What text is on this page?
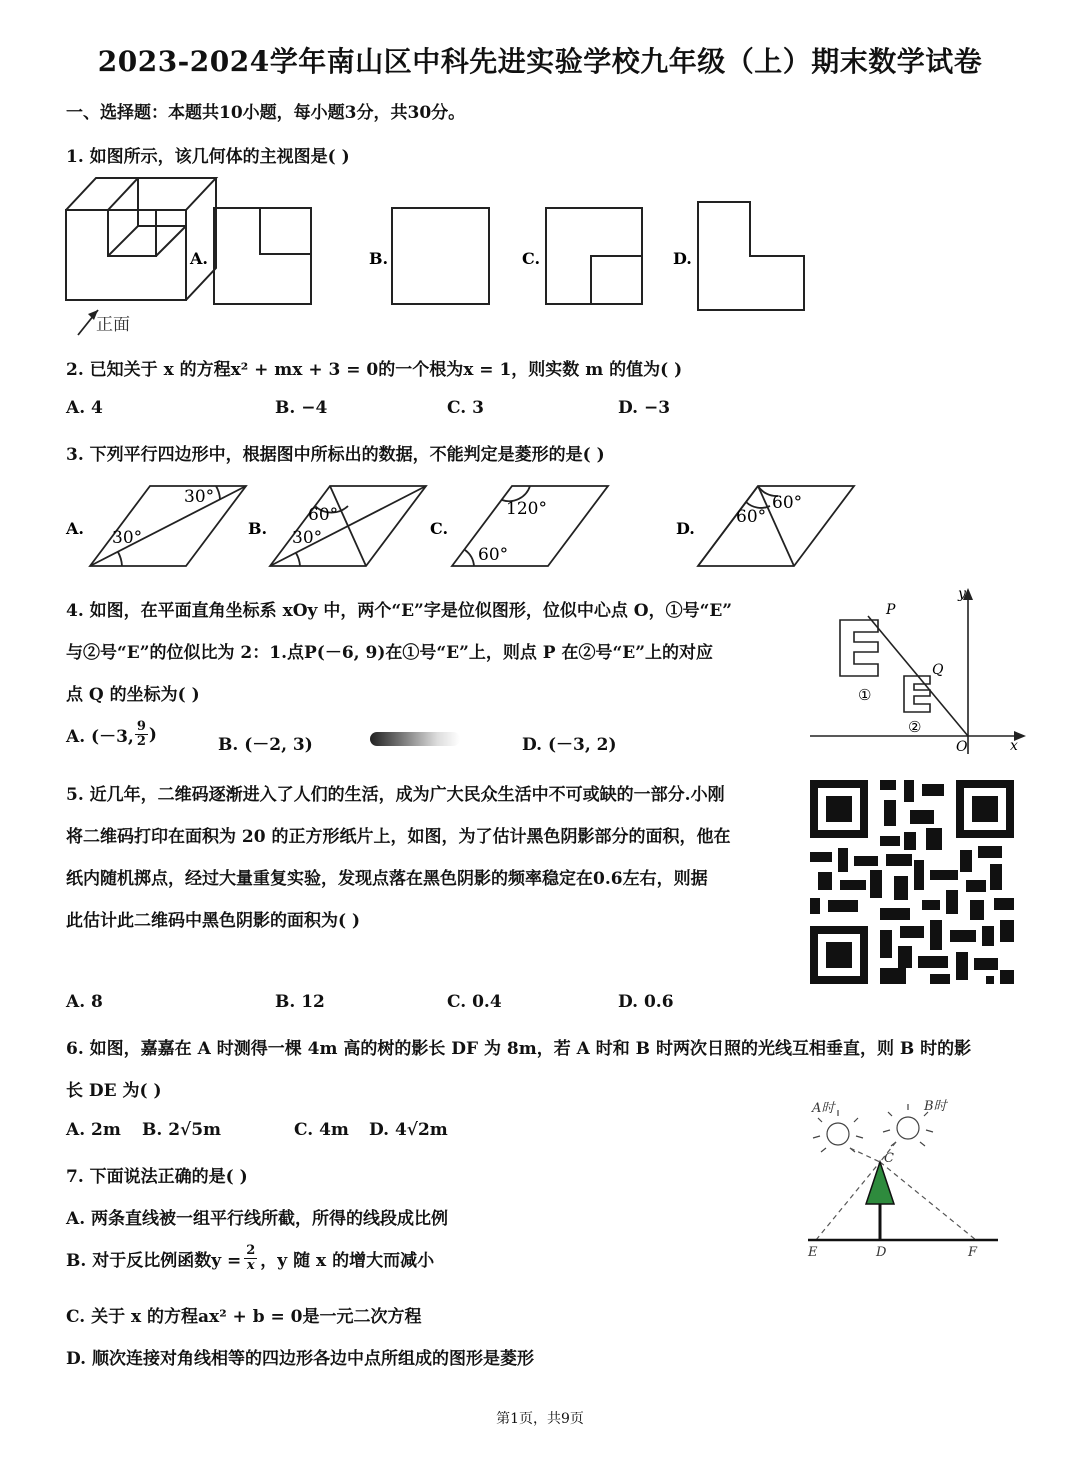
2023-2024学年南山区中科先进实验学校九年级（上）期末数学试卷
一、选择题：本题共10小题，每小题3分，共30分。
1. 如图所示，该几何体的主视图是( )
正面
A.	B.	C.	D.
2. 已知关于 x 的方程x² + mx + 3 = 0的一个根为x = 1，则实数 m 的值为( )
A. 4	B. −4	C. 3	D. −3
3. 下列平行四边形中，根据图中所标出的数据，不能判定是菱形的是( )
A.	B.	C.	D.
30°
30°
60°
30°
120°
60°
60°
60°
4. 如图，在平面直角坐标系 xOy 中，两个“E”字是位似图形，位似中心点 O，①号“E”
与②号“E”的位似比为 2：1.点P(－6, 9)在①号“E”上，则点 P 在②号“E”上的对应
点 Q 的坐标为( )
A. (－3,
9
2 )
B. (－2, 3)	D. (－3, 2)
y
x
O
P
Q
①
②
5. 近几年，二维码逐渐进入了人们的生活，成为广大民众生活中不可或缺的一部分.小刚
将二维码打印在面积为 20 的正方形纸片上，如图，为了估计黑色阴影部分的面积，他在
纸内随机掷点，经过大量重复实验，发现点落在黑色阴影的频率稳定在0.6左右，则据
此估计此二维码中黑色阴影的面积为( )
A. 8	B. 12	C. 0.4	D. 0.6
6. 如图，嘉嘉在 A 时测得一棵 4m 高的树的影长 DF 为 8m，若 A 时和 B 时两次日照的光线互相垂直，则 B 时的影
长 DE 为( )
A. 2m B. 2√5m	C. 4m D. 4√2m
A时	B时
C
E	D	F
7. 下面说法正确的是( )
A. 两条直线被一组平行线所截，所得的线段成比例
B. 对于反比例函数$y = \frac{2}{x}$ ，y 随 x 的增大而减小
C. 关于 x 的方程ax² + b = 0是一元二次方程
D. 顺次连接对角线相等的四边形各边中点所组成的图形是菱形
第1页，共9页
